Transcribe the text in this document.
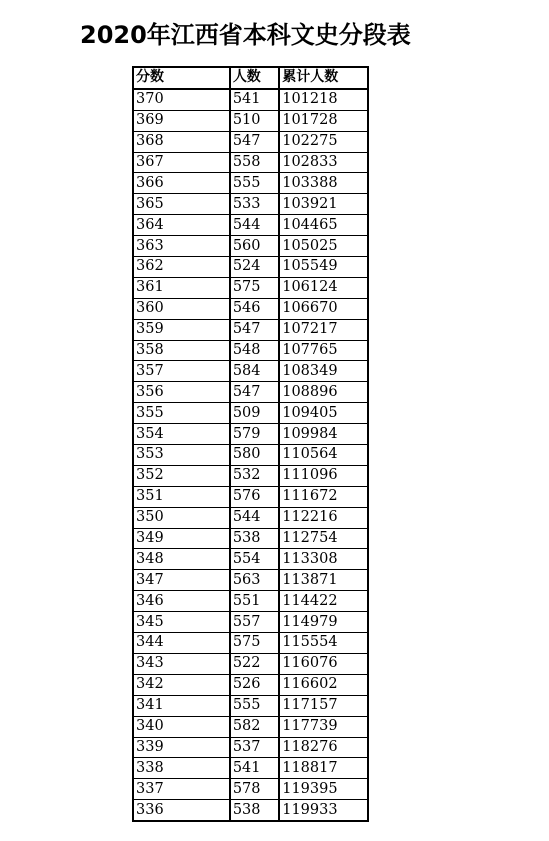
2020年江西省本科文史分段表
分数	人数	累计人数
370	541	101218
369	510	101728
368	547	102275
367	558	102833
366	555	103388
365	533	103921
364	544	104465
363	560	105025
362	524	105549
361	575	106124
360	546	106670
359	547	107217
358	548	107765
357	584	108349
356	547	108896
355	509	109405
354	579	109984
353	580	110564
352	532	111096
351	576	111672
350	544	112216
349	538	112754
348	554	113308
347	563	113871
346	551	114422
345	557	114979
344	575	115554
343	522	116076
342	526	116602
341	555	117157
340	582	117739
339	537	118276
338	541	118817
337	578	119395
336	538	119933
